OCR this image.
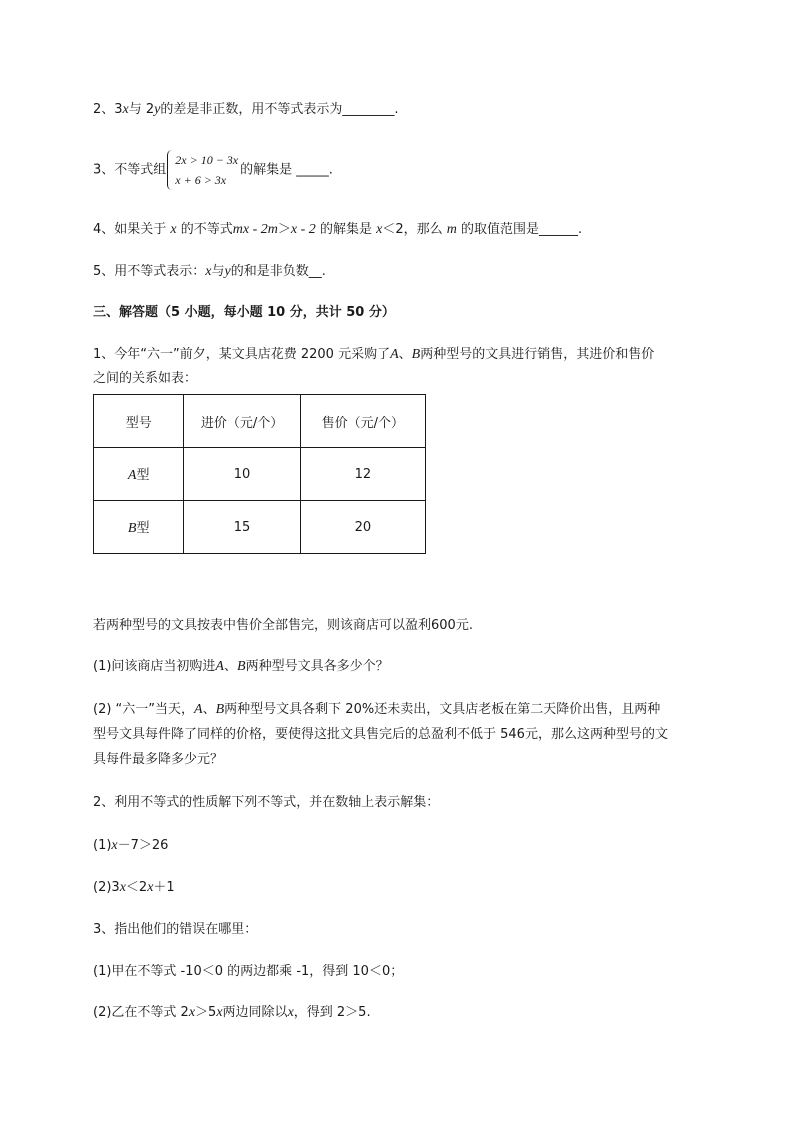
2、3x与 2y的差是非正数，用不等式表示为________.
3、不等式组
2x > 10 − 3x
x + 6 > 3x
的解集是 _____.
4、如果关于 x 的不等式mx - 2m＞x - 2 的解集是 x＜2，那么 m 的取值范围是______.
5、用不等式表示：x与y的和是非负数__.
三、解答题（5 小题，每小题 10 分，共计 50 分）
1、今年“六一”前夕，某文具店花费 2200 元采购了A、B两种型号的文具进行销售，其进价和售价
之间的关系如表：
型号	进价（元/个）	售价（元/个）
A型	10	12
B型	15	20
若两种型号的文具按表中售价全部售完，则该商店可以盈利600元.
(1)问该商店当初购进A、B两种型号文具各多少个？
(2) “六一”当天，A、B两种型号文具各剩下 20%还未卖出，文具店老板在第二天降价出售，且两种
型号文具每件降了同样的价格，要使得这批文具售完后的总盈利不低于 546元，那么这两种型号的文
具每件最多降多少元？
2、利用不等式的性质解下列不等式，并在数轴上表示解集：
(1)x－7＞26
(2)3x＜2x＋1
3、指出他们的错误在哪里：
(1)甲在不等式 -10＜0 的两边都乘 -1，得到 10＜0；
(2)乙在不等式 2x＞5x两边同除以x，得到 2＞5.
